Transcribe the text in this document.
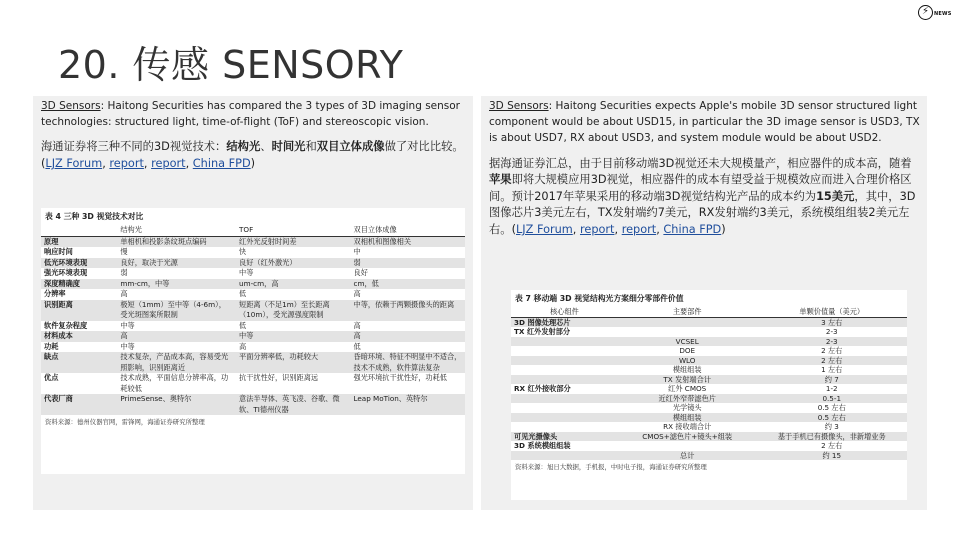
⚡ NEWS
20. 传感 SENSORY
3D Sensors: Haitong Securities has compared the 3 types of 3D imaging sensor technologies: structured light, time-of-flight (ToF) and stereoscopic vision.
海通证券将三种不同的3D视觉技术：结构光、时间光和双目立体成像做了对比比较。(LJZ Forum, report, report, China FPD)
表 4 三种 3D 视觉技术对比
	结构光	TOF	双目立体成像
原理	单相机和投影条纹斑点编码	红外光反射时间差	双相机和图像相关
响应时间	慢	快	中
低光环境表现	良好，取决于光源	良好（红外激光）	弱
强光环境表现	弱	中等	良好
深度精确度	mm-cm，中等	um-cm，高	cm，低
分辨率	高	低	高
识别距离	极短（1mm）至中等（4-6m），受光斑图案所限制	短距离（不足1m）至长距离（10m），受光源强度限制	中等，依赖于两颗摄像头的距离
软件复杂程度	中等	低	高
材料成本	高	中等	高
功耗	中等	高	低
缺点	技术复杂，产品成本高，容易受光照影响，识别距离近	平面分辨率低，功耗较大	昏暗环境、特征不明显中不适合，技术不成熟，软件算法复杂
优点	技术成熟，平面信息分辨率高，功耗较低	抗干扰性好，识别距离远	强光环境抗干扰性好，功耗低
代表厂商	PrimeSense、奥特尔	意法半导体、英飞凌、谷歌、微软、TI德州仪器	Leap MoTion、英特尔
资料来源：德州仪器官网，雷锋网，海通证券研究所整理
3D Sensors: Haitong Securities expects Apple's mobile 3D sensor structured light component would be about USD15, in particular the 3D image sensor is USD3, TX is about USD7, RX about USD3, and system module would be about USD2.
据海通证券汇总，由于目前移动端3D视觉还未大规模量产，相应器件的成本高，随着苹果即将大规模应用3D视觉，相应器件的成本有望受益于规模效应而进入合理价格区间。预计2017年苹果采用的移动端3D视觉结构光产品的成本约为15美元，其中，3D图像芯片3美元左右，TX发射端约7美元，RX发射端约3美元，系统模组组装2美元左右。(LJZ Forum, report, report, China FPD)
表 7 移动端 3D 视觉结构光方案细分零部件价值
核心组件	主要部件	单颗价值量（美元）
3D 图像处理芯片		3 左右
TX 红外发射部分		2-3
	VCSEL	2-3
	DOE	2 左右
	WLO	2 左右
	模组组装	1 左右
	TX 发射端合计	约 7
RX 红外接收部分	红外 CMOS	1-2
	近红外窄带滤色片	0.5-1
	光学镜头	0.5 左右
	模组组装	0.5 左右
	RX 接收端合计	约 3
可见光摄像头	CMOS+滤色片+镜头+组装	基于手机已有摄像头，非新增业务
3D 系统模组组装		2 左右
	总计	约 15
资料来源：旭日大数据，手机报，中时电子报，海通证券研究所整理
